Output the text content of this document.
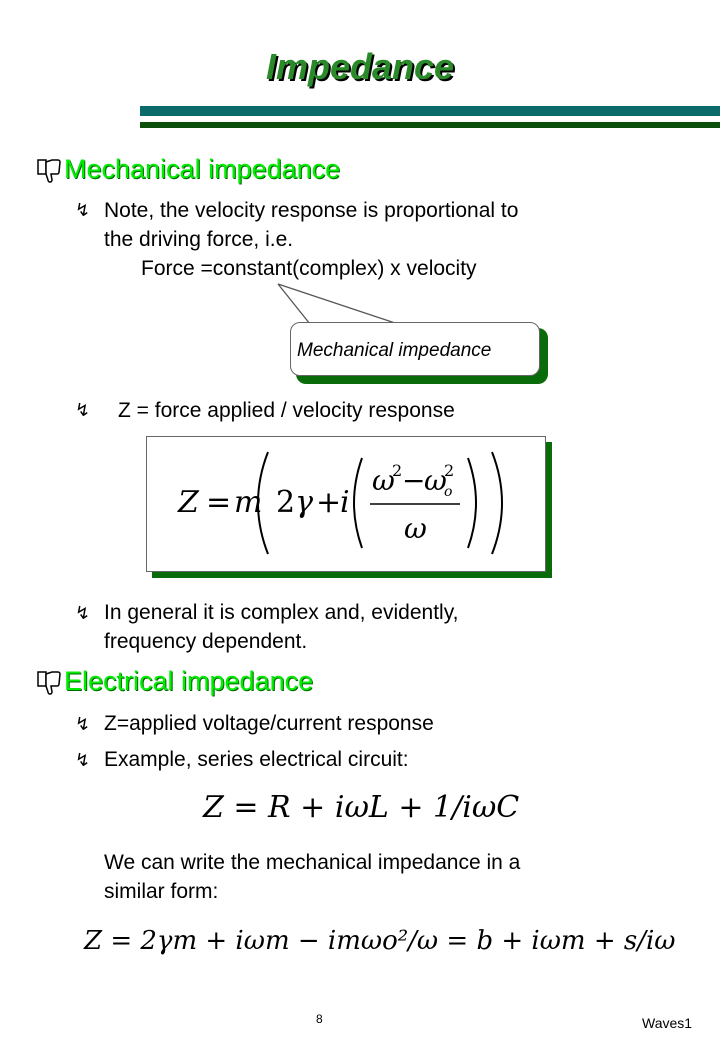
Impedance
Mechanical impedance
↯ Note, the velocity response is proportional to
the driving force, i.e.
Force =constant(complex) x velocity
Mechanical impedance
↯ Z = force applied / velocity response
Z = m 2γ +
i
ω
2 −
ω
o
2
ω
↯ In general it is complex and, evidently,
frequency dependent.
Electrical impedance
↯ Z=applied voltage/current response
↯ Example, series electrical circuit:
Z = R + iωL + 1/iωC
We can write the mechanical impedance in a
similar form:
Z = 2γm + iωm − imωo²/ω = b + iωm + s/iω
8	Waves1
